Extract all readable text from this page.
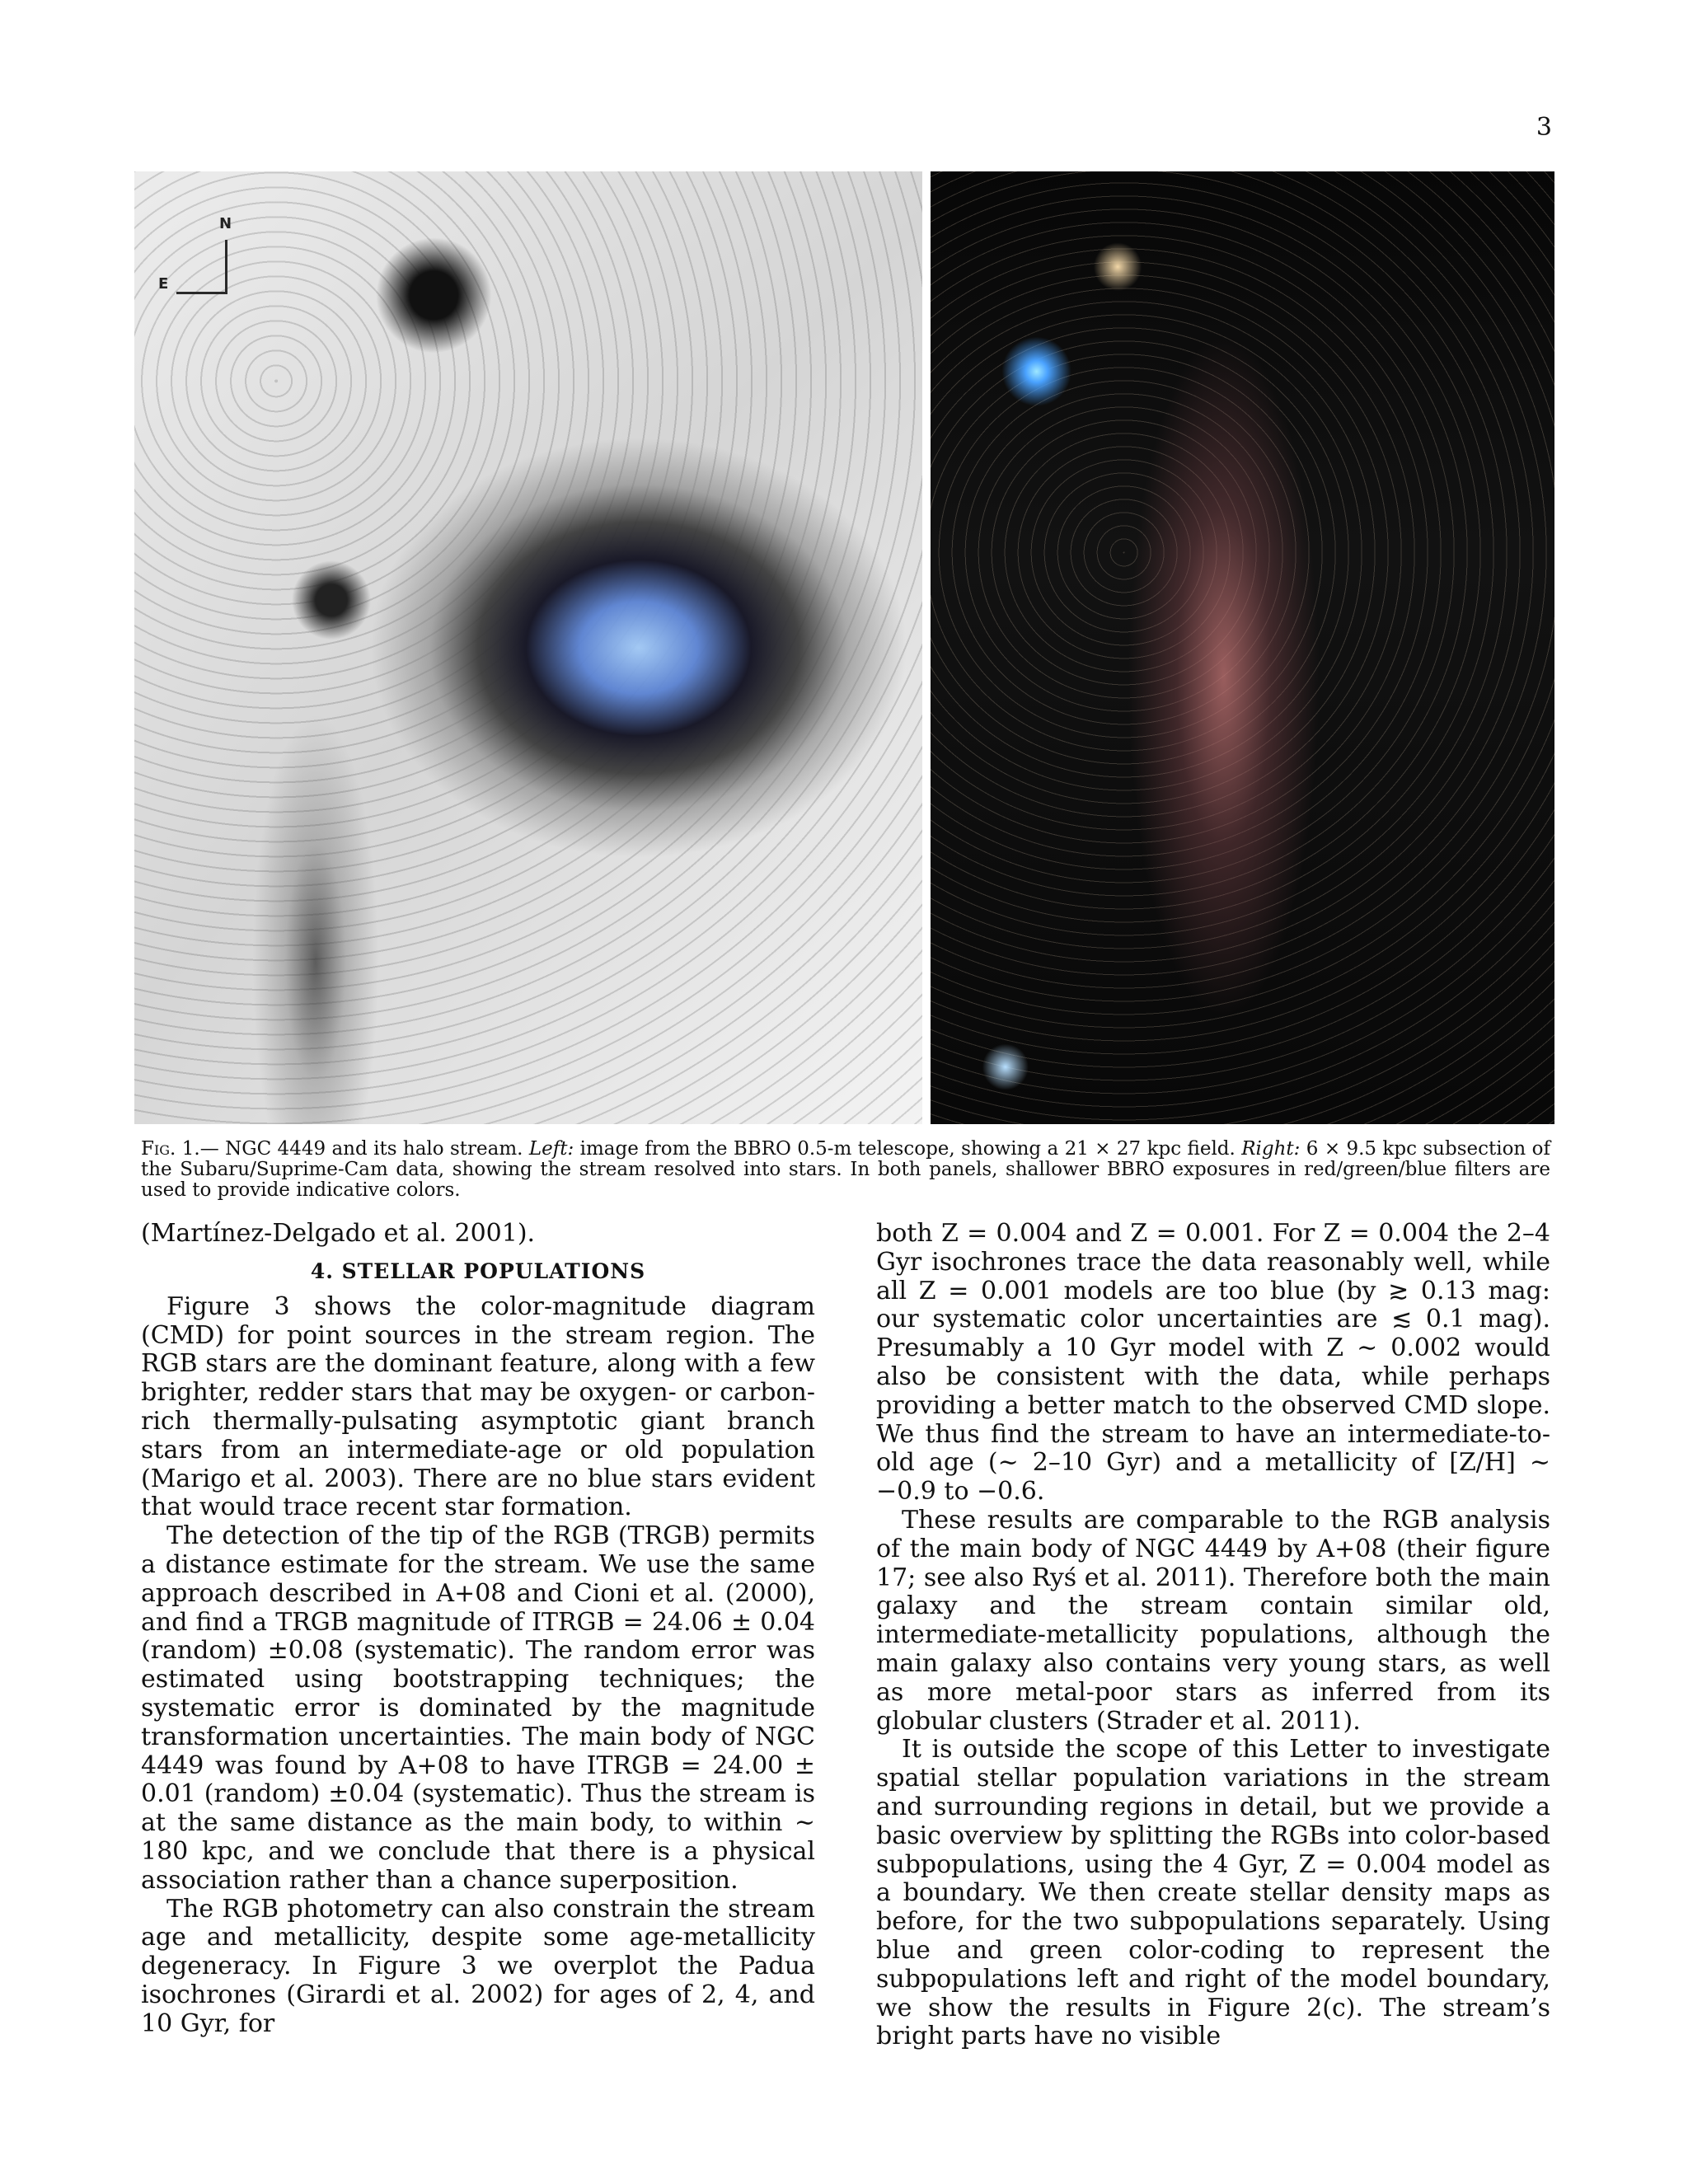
3
N
E
Fig. 1.— NGC 4449 and its halo stream. Left: image from the BBRO 0.5-m telescope, showing a 21 × 27 kpc field. Right: 6 × 9.5 kpc subsection of the Subaru/Suprime-Cam data, showing the stream resolved into stars. In both panels, shallower BBRO exposures in red/green/blue filters are used to provide indicative colors.

(Martínez-Delgado et al. 2001).

4. STELLAR POPULATIONS

Figure 3 shows the color-magnitude diagram (CMD) for point sources in the stream region. The RGB stars are the dominant feature, along with a few brighter, redder stars that may be oxygen- or carbon-rich thermally-pulsating asymptotic giant branch stars from an intermediate-age or old population (Marigo et al. 2003). There are no blue stars evident that would trace recent star formation.

The detection of the tip of the RGB (TRGB) permits a distance estimate for the stream. We use the same approach described in A+08 and Cioni et al. (2000), and find a TRGB magnitude of ITRGB = 24.06 ± 0.04 (random) ±0.08 (systematic). The random error was estimated using bootstrapping techniques; the systematic error is dominated by the magnitude transformation uncertainties. The main body of NGC 4449 was found by A+08 to have ITRGB = 24.00 ± 0.01 (random) ±0.04 (systematic). Thus the stream is at the same distance as the main body, to within ∼ 180 kpc, and we conclude that there is a physical association rather than a chance superposition.

The RGB photometry can also constrain the stream age and metallicity, despite some age-metallicity degeneracy. In Figure 3 we overplot the Padua isochrones (Girardi et al. 2002) for ages of 2, 4, and 10 Gyr, for

both Z = 0.004 and Z = 0.001. For Z = 0.004 the 2–4 Gyr isochrones trace the data reasonably well, while all Z = 0.001 models are too blue (by ≳ 0.13 mag: our systematic color uncertainties are ≲ 0.1 mag). Presumably a 10 Gyr model with Z ∼ 0.002 would also be consistent with the data, while perhaps providing a better match to the observed CMD slope. We thus find the stream to have an intermediate-to-old age (∼ 2–10 Gyr) and a metallicity of [Z/H] ∼ −0.9 to −0.6.

These results are comparable to the RGB analysis of the main body of NGC 4449 by A+08 (their figure 17; see also Ryś et al. 2011). Therefore both the main galaxy and the stream contain similar old, intermediate-metallicity populations, although the main galaxy also contains very young stars, as well as more metal-poor stars as inferred from its globular clusters (Strader et al. 2011).

It is outside the scope of this Letter to investigate spatial stellar population variations in the stream and surrounding regions in detail, but we provide a basic overview by splitting the RGBs into color-based subpopulations, using the 4 Gyr, Z = 0.004 model as a boundary. We then create stellar density maps as before, for the two subpopulations separately. Using blue and green color-coding to represent the subpopulations left and right of the model boundary, we show the results in Figure 2(c). The stream’s bright parts have no visible
